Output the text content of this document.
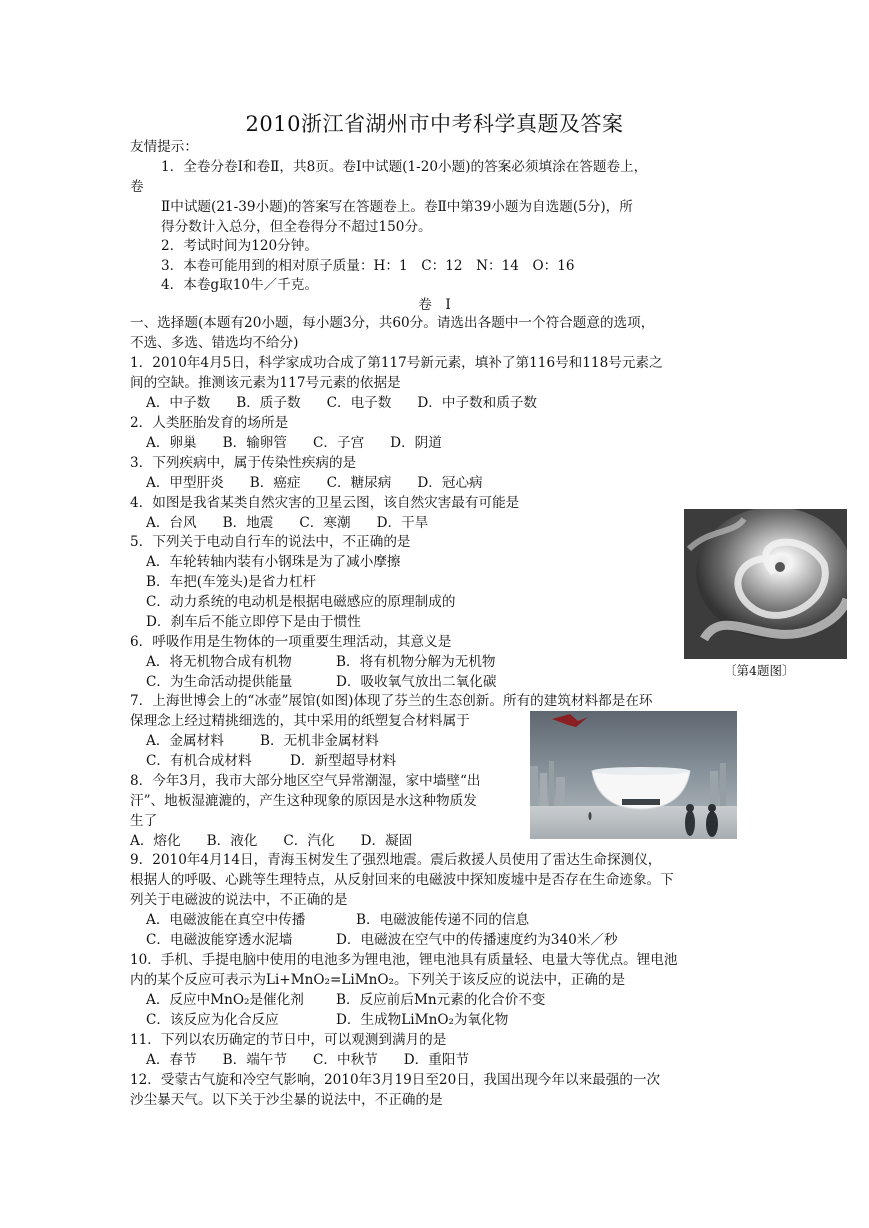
2010浙江省湖州市中考科学真题及答案
友情提示：
1．全卷分卷Ⅰ和卷Ⅱ，共8页。卷Ⅰ中试题(1-20小题)的答案必须填涂在答题卷上，
卷
Ⅱ中试题(21-39小题)的答案写在答题卷上。卷Ⅱ中第39小题为自选题(5分)，所
得分数计入总分，但全卷得分不超过150分。
2．考试时间为120分钟。
3．本卷可能用到的相对原子质量：H：1　C：12　N：14　O：16
4．本卷g取10牛／千克。
卷　Ⅰ
一、选择题(本题有20小题，每小题3分，共60分。请选出各题中一个符合题意的选项，
不选、多选、错选均不给分)
1．2010年4月5日，科学家成功合成了第117号新元素，填补了第116号和118号元素之
间的空缺。推测该元素为117号元素的依据是
A．中子数 B．质子数 C．电子数 D．中子数和质子数
2．人类胚胎发育的场所是
A．卵巢 B．输卵管 C．子宫 D．阴道
3．下列疾病中，属于传染性疾病的是
A．甲型肝炎 B．癌症 C．糖尿病 D．冠心病
4．如图是我省某类自然灾害的卫星云图，该自然灾害最有可能是
A．台风 B．地震 C．寒潮 D．干旱
〔第4题图〕
5．下列关于电动自行车的说法中，不正确的是
A．车轮转轴内装有小钢珠是为了减小摩擦
B．车把(车笼头)是省力杠杆
C．动力系统的电动机是根据电磁感应的原理制成的
D．刹车后不能立即停下是由于惯性
6．呼吸作用是生物体的一项重要生理活动，其意义是
A．将无机物合成有机物	B．将有机物分解为无机物
C．为生命活动提供能量	D．吸收氧气放出二氧化碳
7．上海世博会上的“冰壶”展馆(如图)体现了芬兰的生态创新。所有的建筑材料都是在环
保理念上经过精挑细选的，其中采用的纸塑复合材料属于
A．金属材料	B．无机非金属材料
C．有机合成材料	D．新型超导材料
8．今年3月，我市大部分地区空气异常潮湿，家中墙壁“出
汗”、地板湿漉漉的，产生这种现象的原因是水这种物质发
生了
A．熔化 B．液化 C．汽化 D．凝固
9．2010年4月14日，青海玉树发生了强烈地震。震后救援人员使用了雷达生命探测仪，
根据人的呼吸、心跳等生理特点，从反射回来的电磁波中探知废墟中是否存在生命迹象。下
列关于电磁波的说法中，不正确的是
A．电磁波能在真空中传播	B．电磁波能传递不同的信息
C．电磁波能穿透水泥墙	D．电磁波在空气中的传播速度约为340米／秒
10．手机、手提电脑中使用的电池多为锂电池，锂电池具有质量轻、电量大等优点。锂电池
内的某个反应可表示为Li+MnO₂=LiMnO₂。下列关于该反应的说法中，正确的是
A．反应中MnO₂是催化剂 B．反应前后Mn元素的化合价不变
C．该反应为化合反应	D．生成物LiMnO₂为氧化物
11．下列以农历确定的节日中，可以观测到满月的是
A．春节 B．端午节 C．中秋节 D．重阳节
12．受蒙古气旋和冷空气影响，2010年3月19日至20日，我国出现今年以来最强的一次
沙尘暴天气。以下关于沙尘暴的说法中，不正确的是
